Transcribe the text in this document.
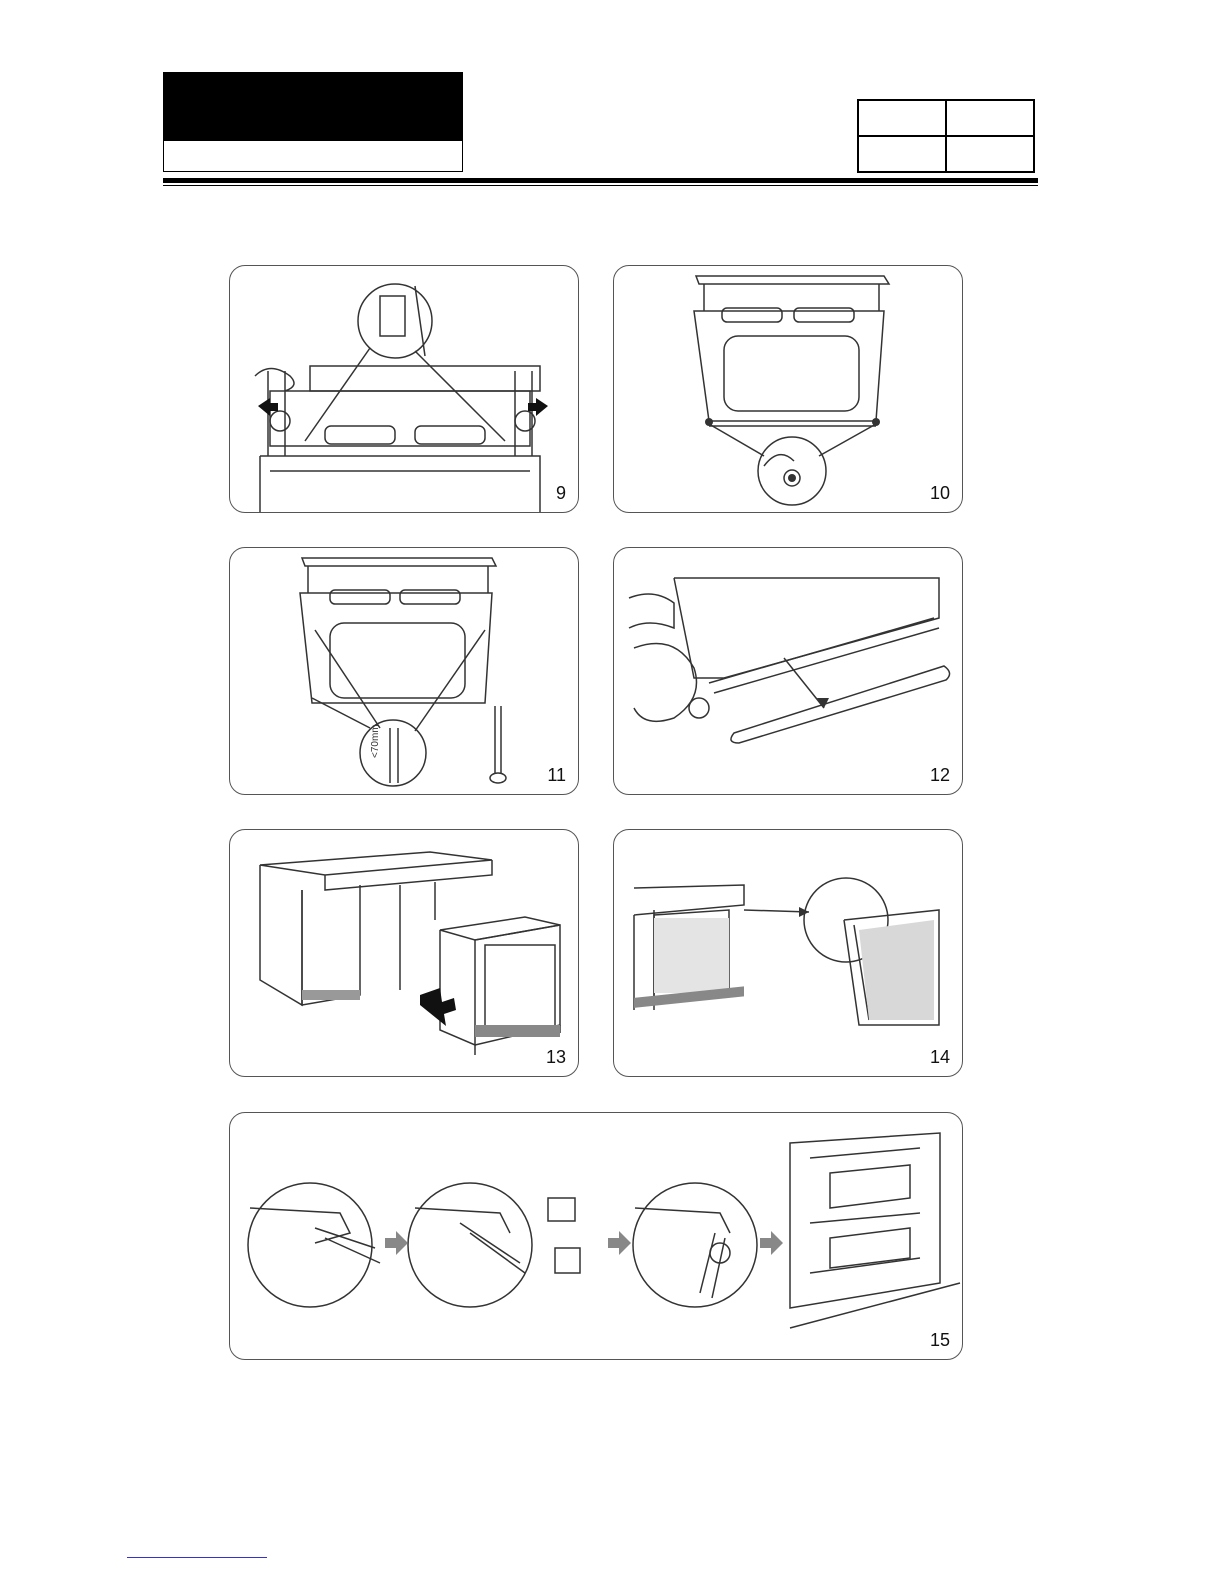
9	10
<70mm
11	12
13	14
15
